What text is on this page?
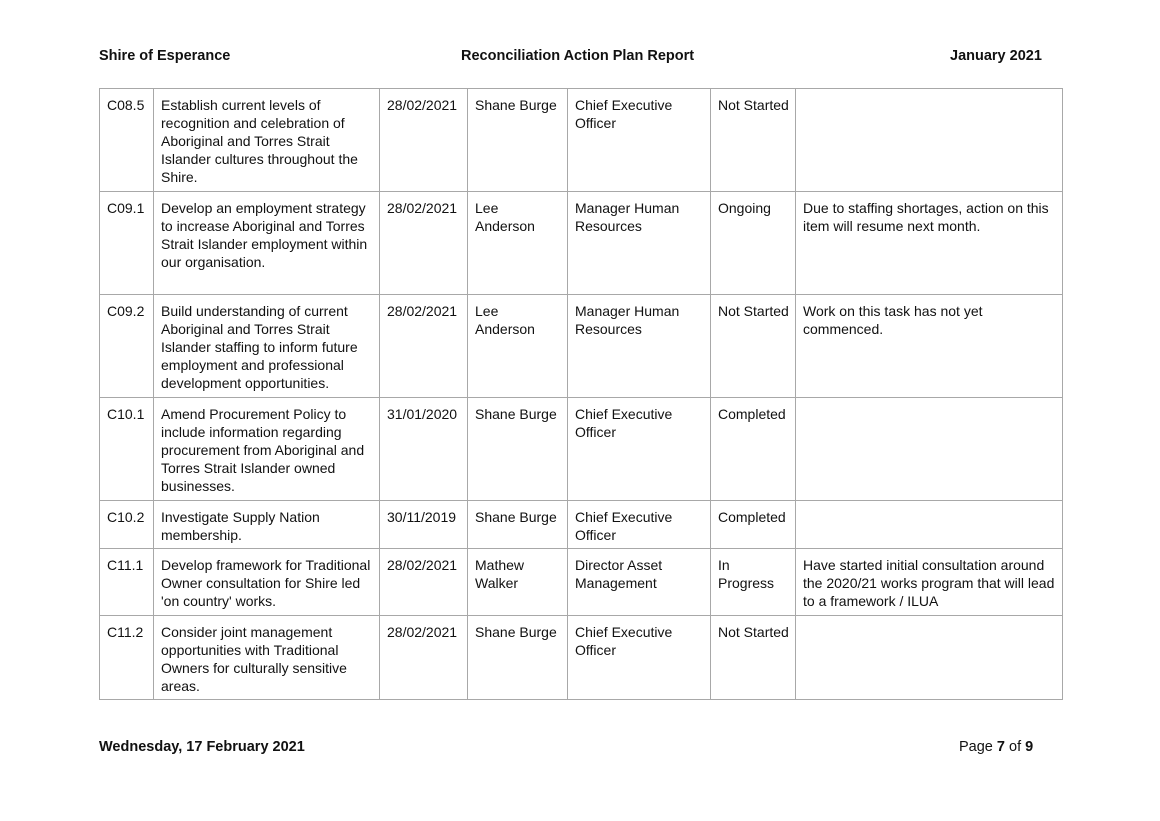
Shire of Esperance	Reconciliation Action Plan Report	January 2021
C08.5	Establish current levels of recognition and celebration of Aboriginal and Torres Strait Islander cultures throughout the Shire.	28/02/2021	Shane Burge	Chief Executive Officer	Not Started	
C09.1	Develop an employment strategy to increase Aboriginal and Torres Strait Islander employment within our organisation.	28/02/2021	Lee Anderson	Manager Human Resources	Ongoing	Due to staffing shortages, action on this item will resume next month.
C09.2	Build understanding of current Aboriginal and Torres Strait Islander staffing to inform future employment and professional development opportunities.	28/02/2021	Lee Anderson	Manager Human Resources	Not Started	Work on this task has not yet commenced.
C10.1	Amend Procurement Policy to include information regarding procurement from Aboriginal and Torres Strait Islander owned businesses.	31/01/2020	Shane Burge	Chief Executive Officer	Completed	
C10.2	Investigate Supply Nation membership.	30/11/2019	Shane Burge	Chief Executive Officer	Completed	
C11.1	Develop framework for Traditional Owner consultation for Shire led 'on country' works.	28/02/2021	Mathew Walker	Director Asset Management	In Progress	Have started initial consultation around the 2020/21 works program that will lead to a framework / ILUA
C11.2	Consider joint management opportunities with Traditional Owners for culturally sensitive areas.	28/02/2021	Shane Burge	Chief Executive Officer	Not Started	
Wednesday, 17 February 2021	Page 7 of 9
